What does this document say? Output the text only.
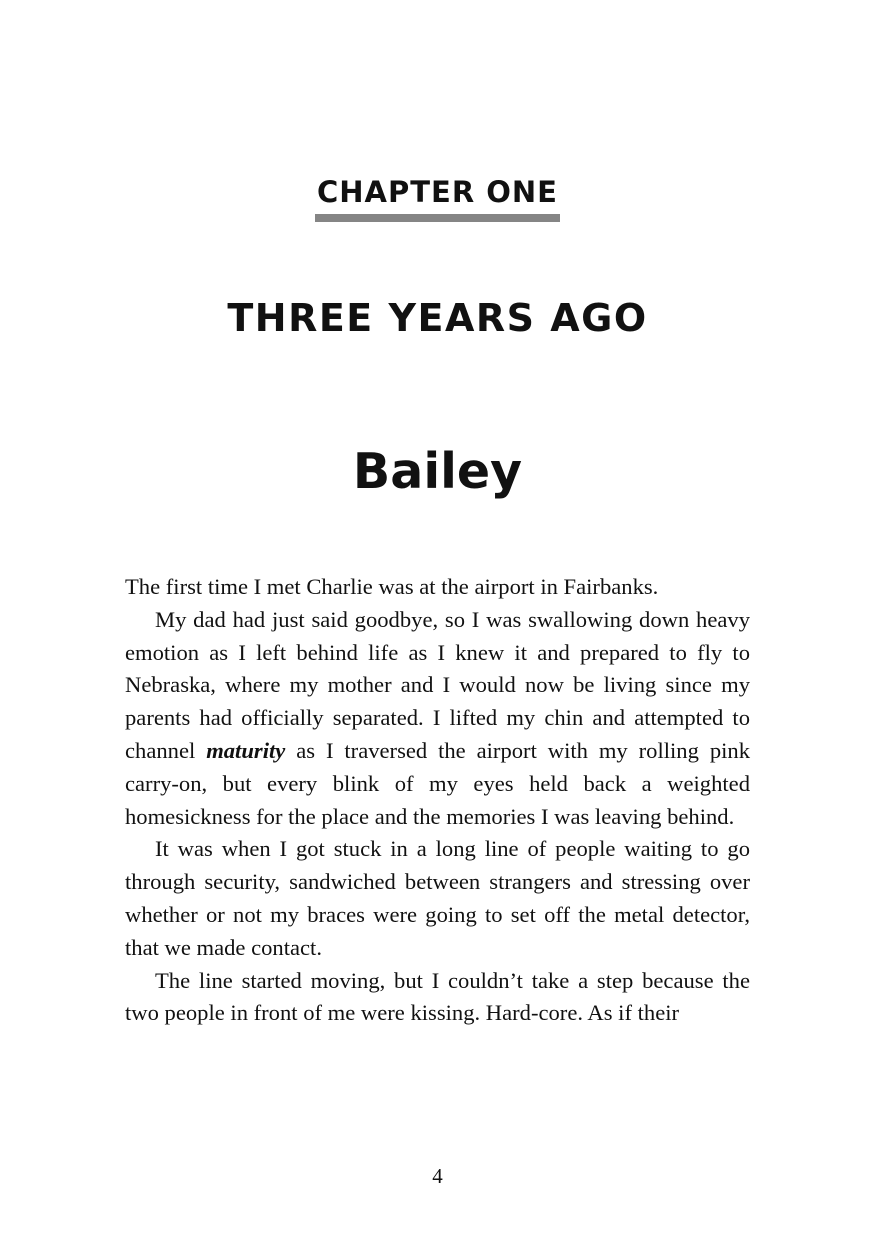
CHAPTER ONE
THREE YEARS AGO
Bailey

The first time I met Charlie was at the airport in Fairbanks.

My dad had just said goodbye, so I was swallowing down heavy emotion as I left behind life as I knew it and prepared to fly to Nebraska, where my mother and I would now be living since my parents had officially separated. I lifted my chin and attempted to channel maturity as I traversed the airport with my rolling pink carry-on, but every blink of my eyes held back a weighted homesickness for the place and the memories I was leaving behind.

It was when I got stuck in a long line of people waiting to go through security, sandwiched between strangers and stressing over whether or not my braces were going to set off the metal detector, that we made contact.

The line started moving, but I couldn’t take a step because the two people in front of me were kissing. Hard-core. As if their

4
